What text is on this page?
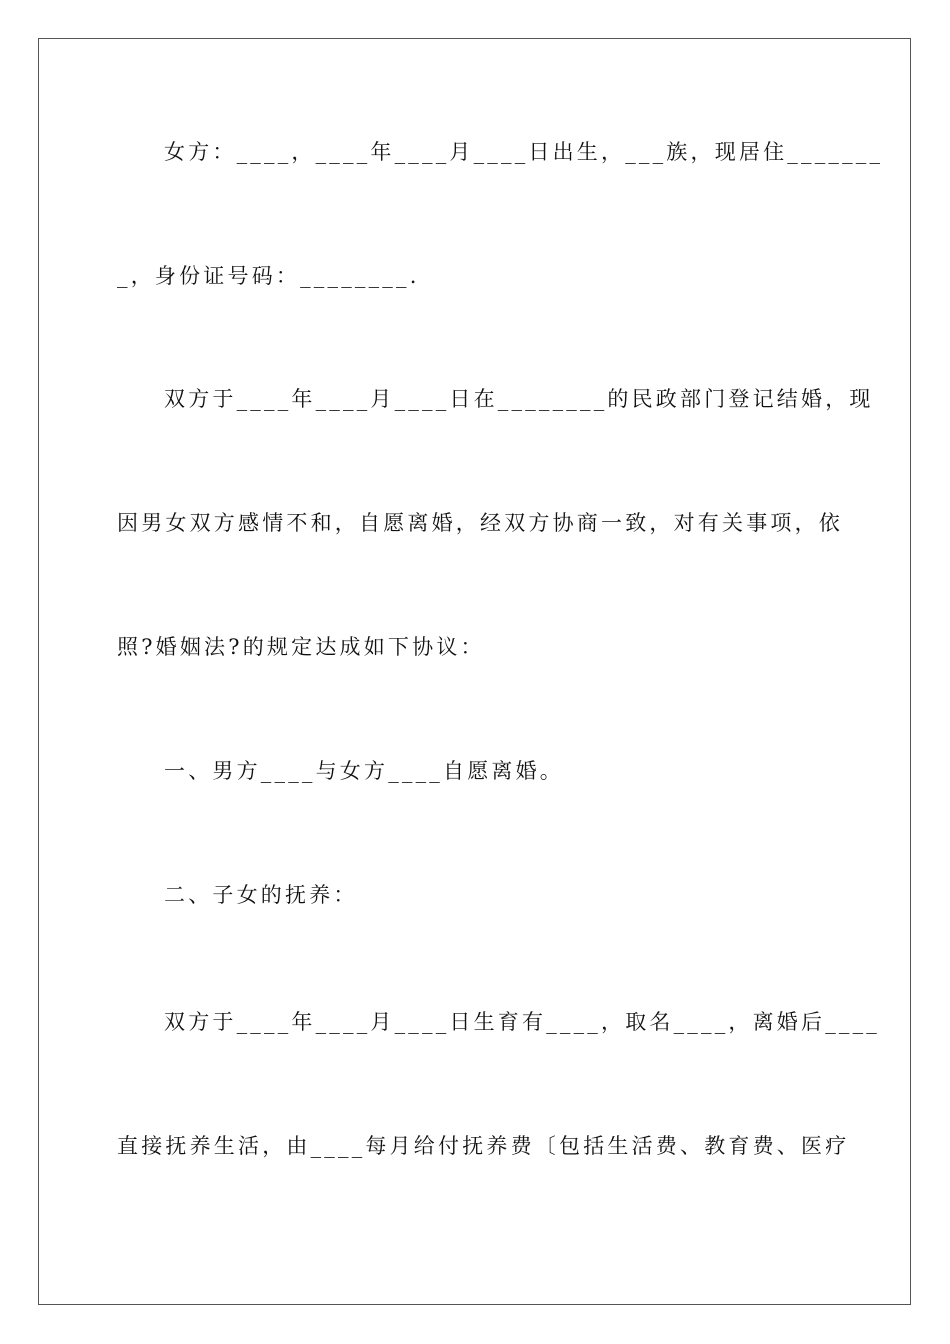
女方：____，____年____月____日出生，___族，现居住_______
_，身份证号码：________.
双方于____年____月____日在________的民政部门登记结婚，现
因男女双方感情不和，自愿离婚，经双方协商一致，对有关事项，依
照?婚姻法?的规定达成如下协议：
一、男方____与女方____自愿离婚。
二、子女的抚养：
双方于____年____月____日生育有____，取名____，离婚后____
直接抚养生活，由____每月给付抚养费〔包括生活费、教育费、医疗
